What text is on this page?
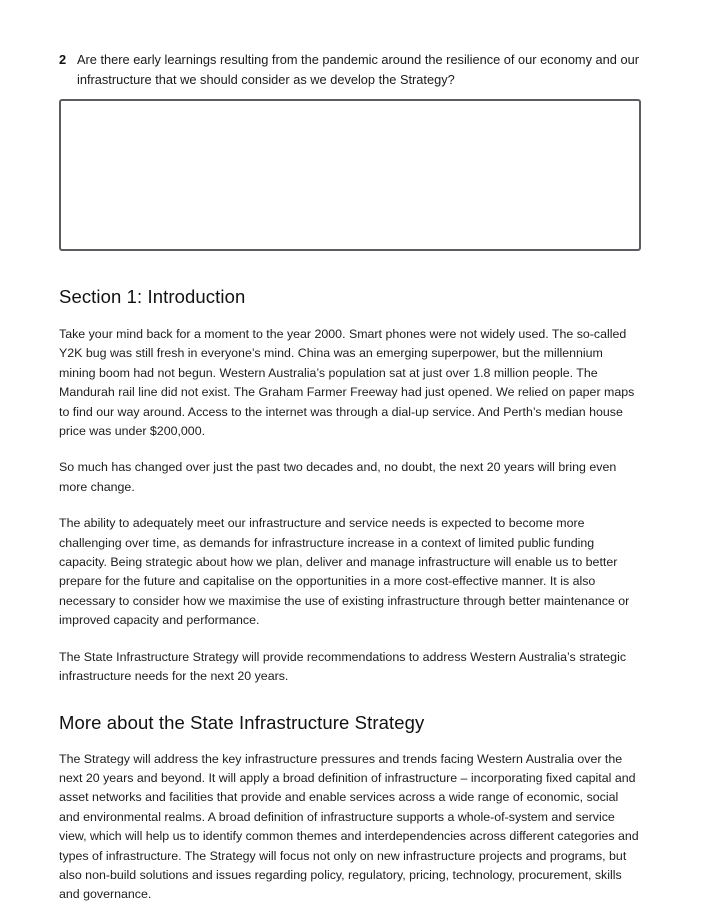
2 Are there early learnings resulting from the pandemic around the resilience of our economy and our infrastructure that we should consider as we develop the Strategy?
Section 1: Introduction

Take your mind back for a moment to the year 2000. Smart phones were not widely used. The so-called Y2K bug was still fresh in everyone’s mind. China was an emerging superpower, but the millennium mining boom had not begun. Western Australia’s population sat at just over 1.8 million people. The Mandurah rail line did not exist. The Graham Farmer Freeway had just opened. We relied on paper maps to find our way around. Access to the internet was through a dial-up service. And Perth’s median house price was under $200,000.

So much has changed over just the past two decades and, no doubt, the next 20 years will bring even more change.

The ability to adequately meet our infrastructure and service needs is expected to become more challenging over time, as demands for infrastructure increase in a context of limited public funding capacity. Being strategic about how we plan, deliver and manage infrastructure will enable us to better prepare for the future and capitalise on the opportunities in a more cost-effective manner. It is also necessary to consider how we maximise the use of existing infrastructure through better maintenance or improved capacity and performance.

The State Infrastructure Strategy will provide recommendations to address Western Australia’s strategic infrastructure needs for the next 20 years.

More about the State Infrastructure Strategy

The Strategy will address the key infrastructure pressures and trends facing Western Australia over the next 20 years and beyond. It will apply a broad definition of infrastructure – incorporating fixed capital and asset networks and facilities that provide and enable services across a wide range of economic, social and environmental realms. A broad definition of infrastructure supports a whole-of-system and service view, which will help us to identify common themes and interdependencies across different categories and types of infrastructure. The Strategy will focus not only on new infrastructure projects and programs, but also non-build solutions and issues regarding policy, regulatory, pricing, technology, procurement, skills and governance.
